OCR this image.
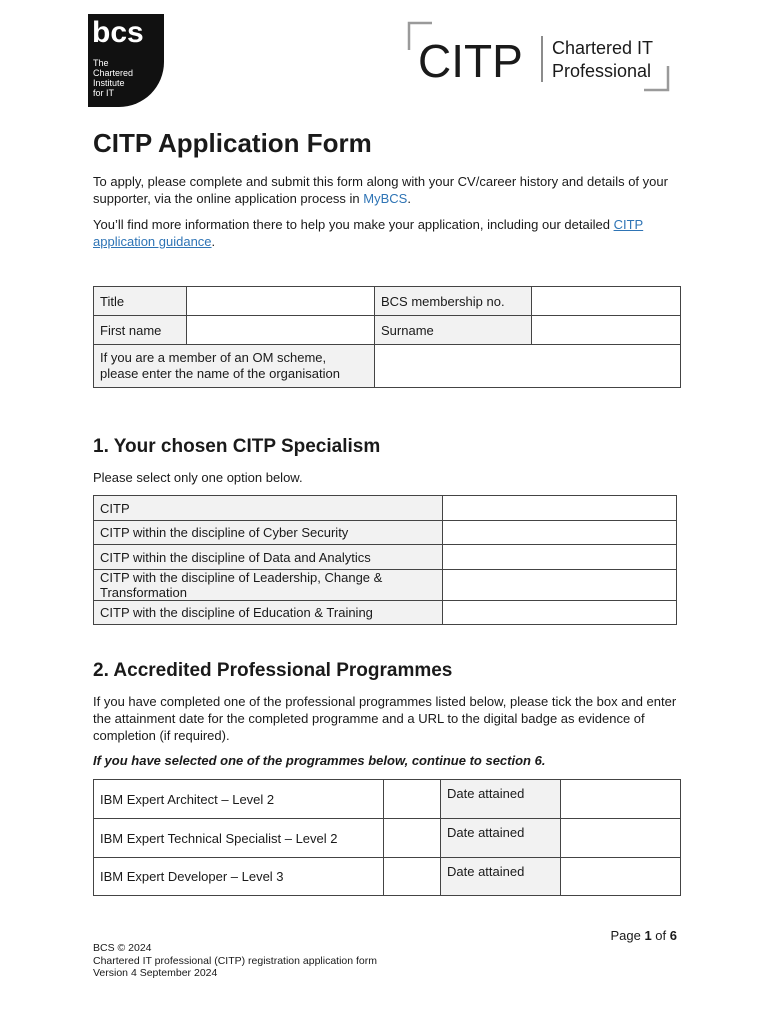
bcs
The
Chartered
Institute
for IT
CITP Chartered IT
Professional
CITP Application Form

To apply, please complete and submit this form along with your CV/career history and details of your supporter, via the online application process in MyBCS.

You’ll find more information there to help you make your application, including our detailed CITP application guidance.

Title		BCS membership no.	
First name		Surname	
If you are a member of an OM scheme,
please enter the name of the organisation			
1. Your chosen CITP Specialism

Please select only one option below.

CITP	
CITP within the discipline of Cyber Security	
CITP within the discipline of Data and Analytics	
CITP with the discipline of Leadership, Change & Transformation	
CITP with the discipline of Education & Training	
2. Accredited Professional Programmes

If you have completed one of the professional programmes listed below, please tick the box and enter the attainment date for the completed programme and a URL to the digital badge as evidence of completion (if required).

If you have selected one of the programmes below, continue to section 6.

IBM Expert Architect – Level 2		Date attained	
IBM Expert Technical Specialist – Level 2		Date attained	
IBM Expert Developer – Level 3		Date attained	
Page 1 of 6
BCS © 2024
Chartered IT professional (CITP) registration application form
Version 4 September 2024
